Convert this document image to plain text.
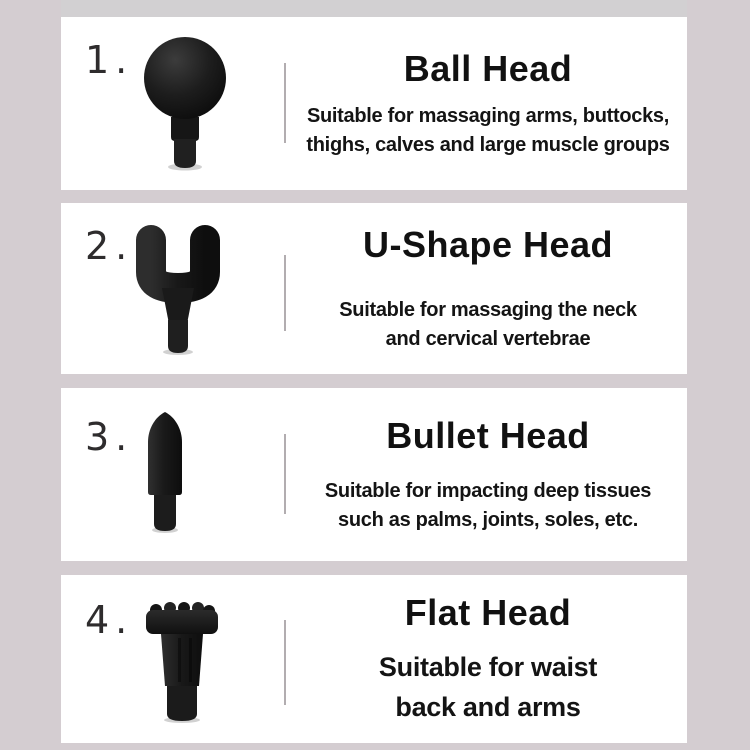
1.	Ball Head

Suitable for massaging arms, buttocks,
thighs, calves and large muscle groups

2.	U-Shape Head

Suitable for massaging the neck
and cervical vertebrae

3.	Bullet Head

Suitable for impacting deep tissues
such as palms, joints, soles, etc.

4.	Flat Head

Suitable for waist
back and arms
